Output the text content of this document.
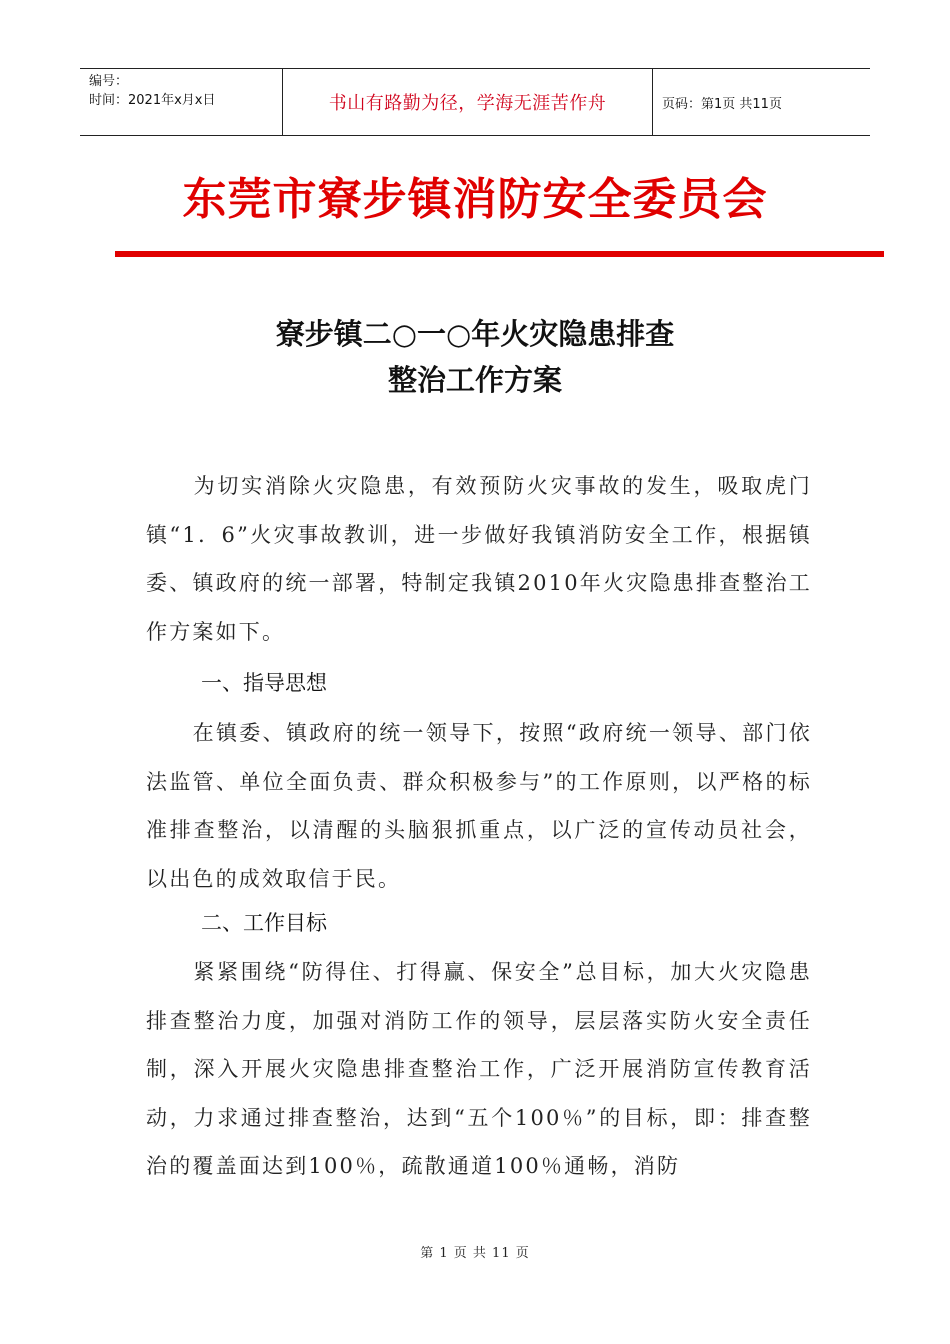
编号：
时间：2021年x月x日	书山有路勤为径，学海无涯苦作舟	页码：第1页 共11页
东莞市寮步镇消防安全委员会
寮步镇二○一○年火灾隐患排查
整治工作方案
　　为切实消除火灾隐患，有效预防火灾事故的发生，吸取虎门镇“1．6”火灾事故教训，进一步做好我镇消防安全工作，根据镇委、镇政府的统一部署，特制定我镇2010年火灾隐患排查整治工作方案如下。
一、指导思想
　　在镇委、镇政府的统一领导下，按照“政府统一领导、部门依法监管、单位全面负责、群众积极参与”的工作原则，以严格的标准排查整治，以清醒的头脑狠抓重点，以广泛的宣传动员社会，以出色的成效取信于民。
二、工作目标
　　紧紧围绕“防得住、打得赢、保安全”总目标，加大火灾隐患排查整治力度，加强对消防工作的领导，层层落实防火安全责任制，深入开展火灾隐患排查整治工作，广泛开展消防宣传教育活动，力求通过排查整治，达到“五个100％”的目标，即：排查整治的覆盖面达到100％，疏散通道100％通畅，消防
第 1 页 共 11 页
